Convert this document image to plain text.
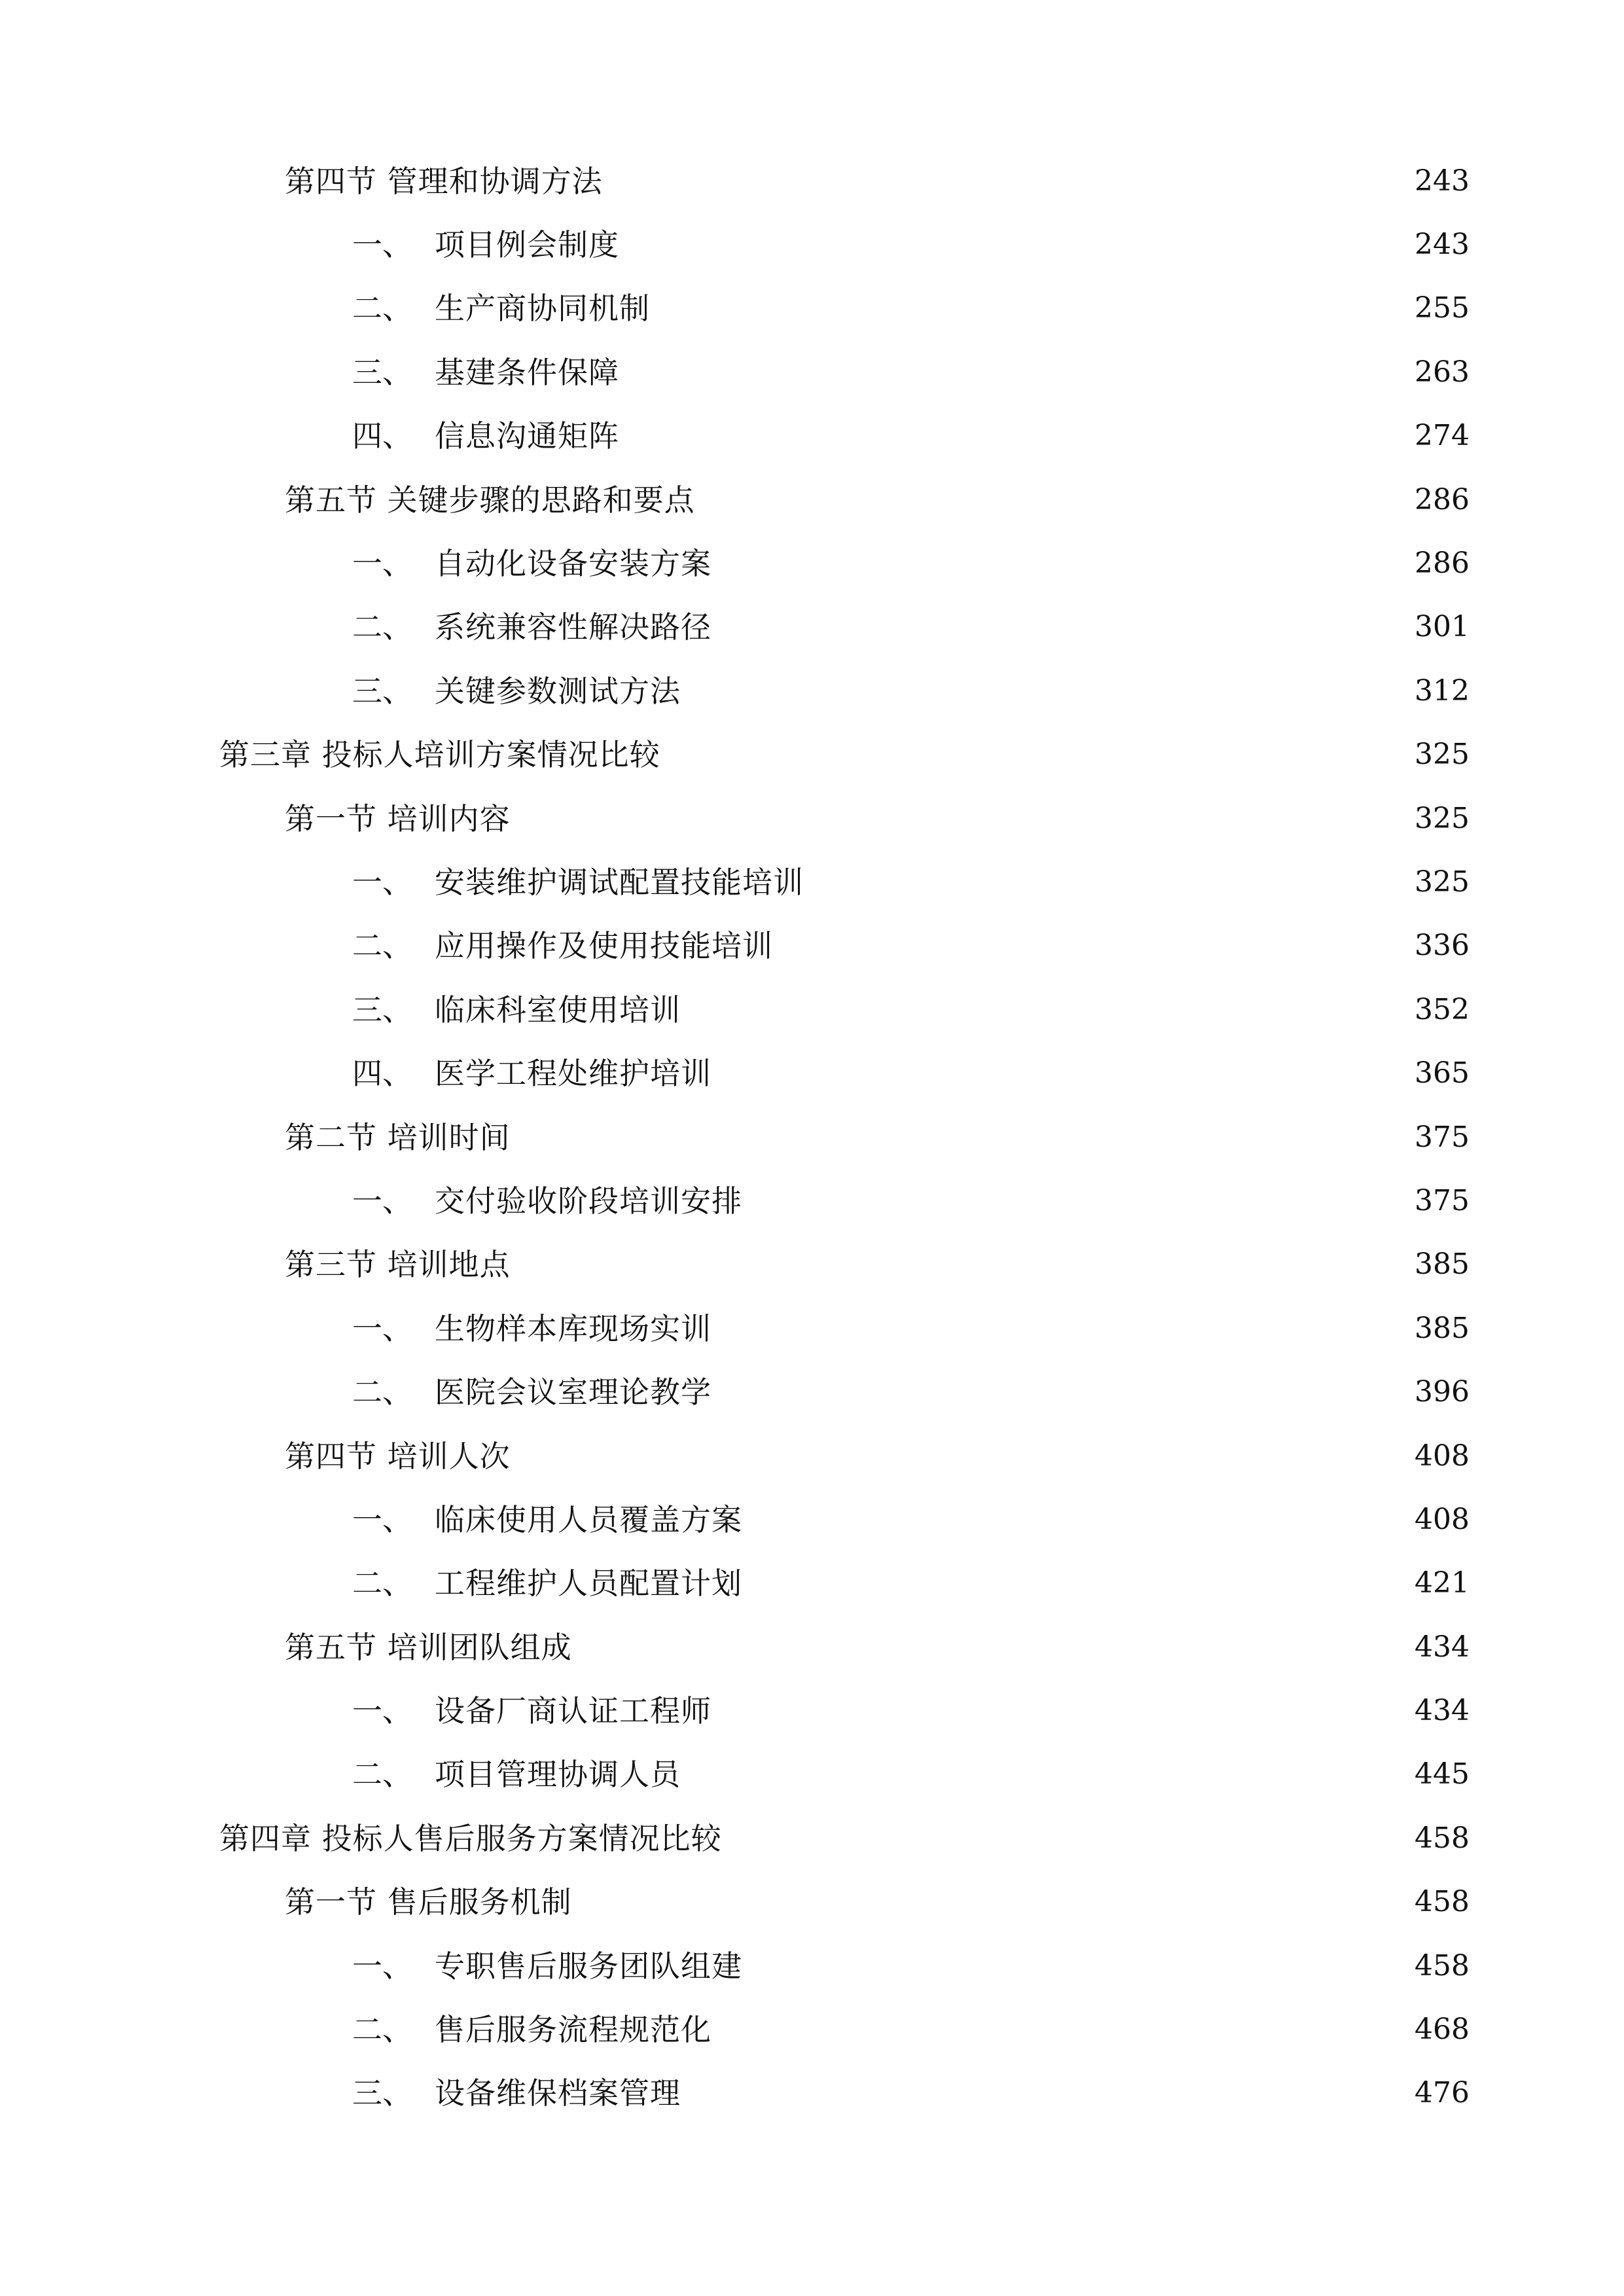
第四节 管理和协调方法	243
一、 项目例会制度	243
二、 生产商协同机制	255
三、 基建条件保障	263
四、 信息沟通矩阵	274
第五节 关键步骤的思路和要点	286
一、 自动化设备安装方案	286
二、 系统兼容性解决路径	301
三、 关键参数测试方法	312
第三章 投标人培训方案情况比较	325
第一节 培训内容	325
一、 安装维护调试配置技能培训	325
二、 应用操作及使用技能培训	336
三、 临床科室使用培训	352
四、 医学工程处维护培训	365
第二节 培训时间	375
一、 交付验收阶段培训安排	375
第三节 培训地点	385
一、 生物样本库现场实训	385
二、 医院会议室理论教学	396
第四节 培训人次	408
一、 临床使用人员覆盖方案	408
二、 工程维护人员配置计划	421
第五节 培训团队组成	434
一、 设备厂商认证工程师	434
二、 项目管理协调人员	445
第四章 投标人售后服务方案情况比较	458
第一节 售后服务机制	458
一、 专职售后服务团队组建	458
二、 售后服务流程规范化	468
三、 设备维保档案管理	476
